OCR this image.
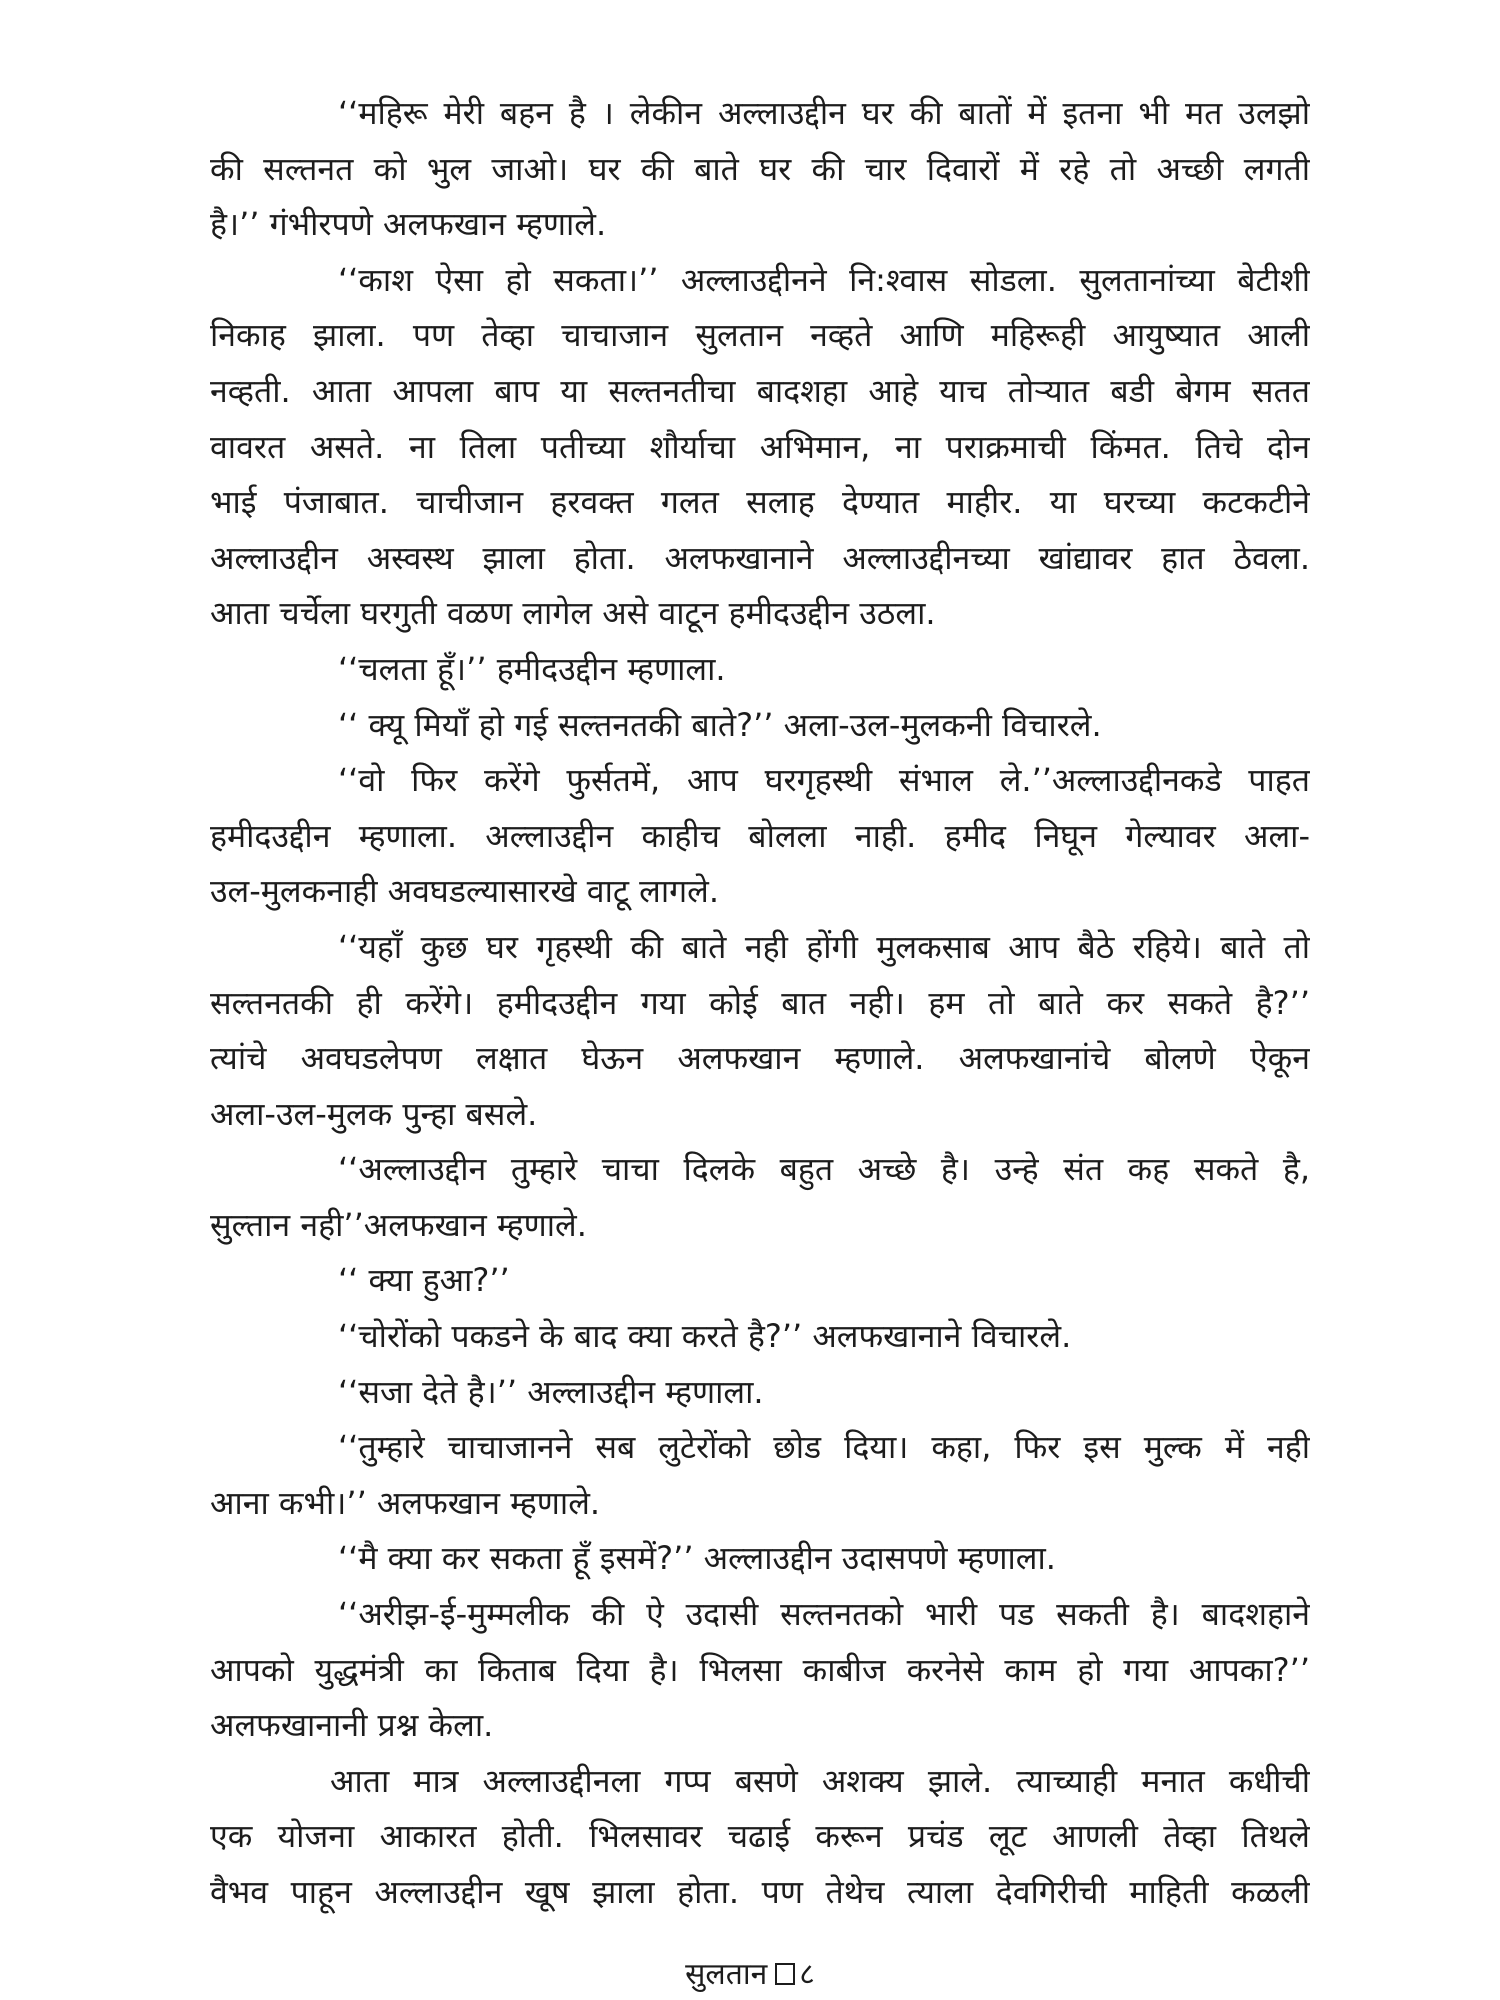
‘‘महिरू मेरी बहन है । लेकीन अल्लाउद्दीन घर की बातों में इतना भी मत उलझो
की सल्तनत को भुल जाओ। घर की बाते घर की चार दिवारों में रहे तो अच्छी लगती
है।’’ गंभीरपणे अलफखान म्हणाले.
‘‘काश ऐसा हो सकता।’’ अल्लाउद्दीनने नि:श्वास सोडला. सुलतानांच्या बेटीशी
निकाह झाला. पण तेव्हा चाचाजान सुलतान नव्हते आणि महिरूही आयुष्यात आली
नव्हती. आता आपला बाप या सल्तनतीचा बादशहा आहे याच तोऱ्यात बडी बेगम सतत
वावरत असते. ना तिला पतीच्या शौर्याचा अभिमान, ना पराक्रमाची किंमत. तिचे दोन
भाई पंजाबात. चाचीजान हरवक्त गलत सलाह देण्यात माहीर. या घरच्या कटकटीने
अल्लाउद्दीन अस्वस्थ झाला होता. अलफखानाने अल्लाउद्दीनच्या खांद्यावर हात ठेवला.
आता चर्चेला घरगुती वळण लागेल असे वाटून हमीदउद्दीन उठला.
‘‘चलता हूँ।’’ हमीदउद्दीन म्हणाला.
‘‘ क्यू मियाँ हो गई सल्तनतकी बाते?’’ अला-उल-मुलकनी विचारले.
‘‘वो फिर करेंगे फुर्सतमें, आप घरगृहस्थी संभाल ले.’’अल्लाउद्दीनकडे पाहत
हमीदउद्दीन म्हणाला. अल्लाउद्दीन काहीच बोलला नाही. हमीद निघून गेल्यावर अला-
उल-मुलकनाही अवघडल्यासारखे वाटू लागले.
‘‘यहाँ कुछ घर गृहस्थी की बाते नही होंगी मुलकसाब आप बैठे रहिये। बाते तो
सल्तनतकी ही करेंगे। हमीदउद्दीन गया कोई बात नही। हम तो बाते कर सकते है?’’
त्यांचे अवघडलेपण लक्षात घेऊन अलफखान म्हणाले. अलफखानांचे बोलणे ऐकून
अला-उल-मुलक पुन्हा बसले.
‘‘अल्लाउद्दीन तुम्हारे चाचा दिलके बहुत अच्छे है। उन्हे संत कह सकते है,
सुल्तान नही’’अलफखान म्हणाले.
‘‘ क्या हुआ?’’
‘‘चोरोंको पकडने के बाद क्या करते है?’’ अलफखानाने विचारले.
‘‘सजा देते है।’’ अल्लाउद्दीन म्हणाला.
‘‘तुम्हारे चाचाजानने सब लुटेरोंको छोड दिया। कहा, फिर इस मुल्क में नही
आना कभी।’’ अलफखान म्हणाले.
‘‘मै क्या कर सकता हूँ इसमें?’’ अल्लाउद्दीन उदासपणे म्हणाला.
‘‘अरीझ-ई-मुम्मलीक की ऐ उदासी सल्तनतको भारी पड सकती है। बादशहाने
आपको युद्धमंत्री का किताब दिया है। भिलसा काबीज करनेसे काम हो गया आपका?’’
अलफखानानी प्रश्न केला.
आता मात्र अल्लाउद्दीनला गप्प बसणे अशक्य झाले. त्याच्याही मनात कधीची
एक योजना आकारत होती. भिलसावर चढाई करून प्रचंड लूट आणली तेव्हा तिथले
वैभव पाहून अल्लाउद्दीन खूष झाला होता. पण तेथेच त्याला देवगिरीची माहिती कळली
सुलतान ८
